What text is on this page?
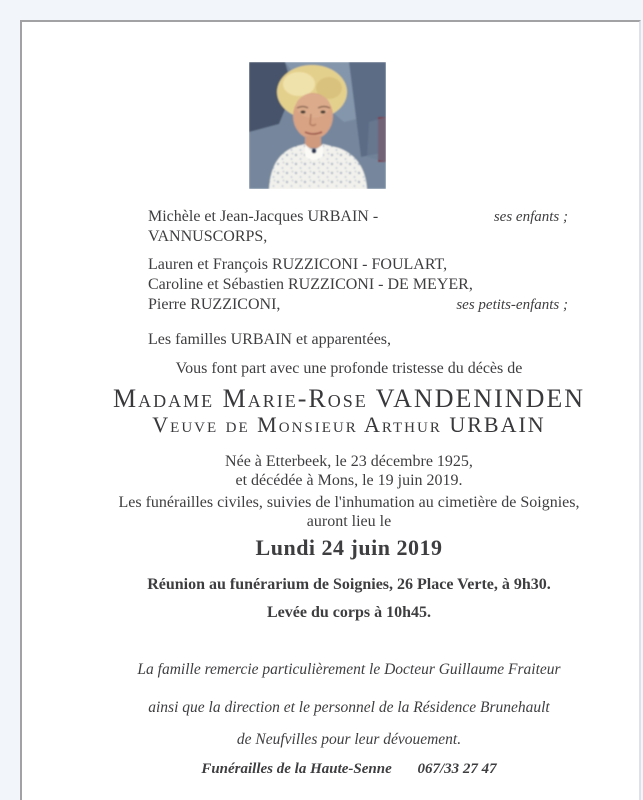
Michèle et Jean-Jacques URBAIN - VANNUSCORPS,
ses enfants ;
Lauren et François RUZZICONI - FOULART,
Caroline et Sébastien RUZZICONI - DE MEYER,
Pierre RUZZICONI,	ses petits-enfants ;
Les familles URBAIN et apparentées,
Vous font part avec une profonde tristesse du décès de
Madame Marie-Rose VANDENINDEN
Veuve de Monsieur Arthur URBAIN
Née à Etterbeek, le 23 décembre 1925,
et décédée à Mons, le 19 juin 2019.
Les funérailles civiles, suivies de l'inhumation au cimetière de Soignies,
auront lieu le
Lundi 24 juin 2019
Réunion au funérarium de Soignies, 26 Place Verte, à 9h30.
Levée du corps à 10h45.
La famille remercie particulièrement le Docteur Guillaume Fraiteur
ainsi que la direction et le personnel de la Résidence Brunehault
de Neufvilles pour leur dévouement.
Funérailles de la Haute-Senne 067/33 27 47
